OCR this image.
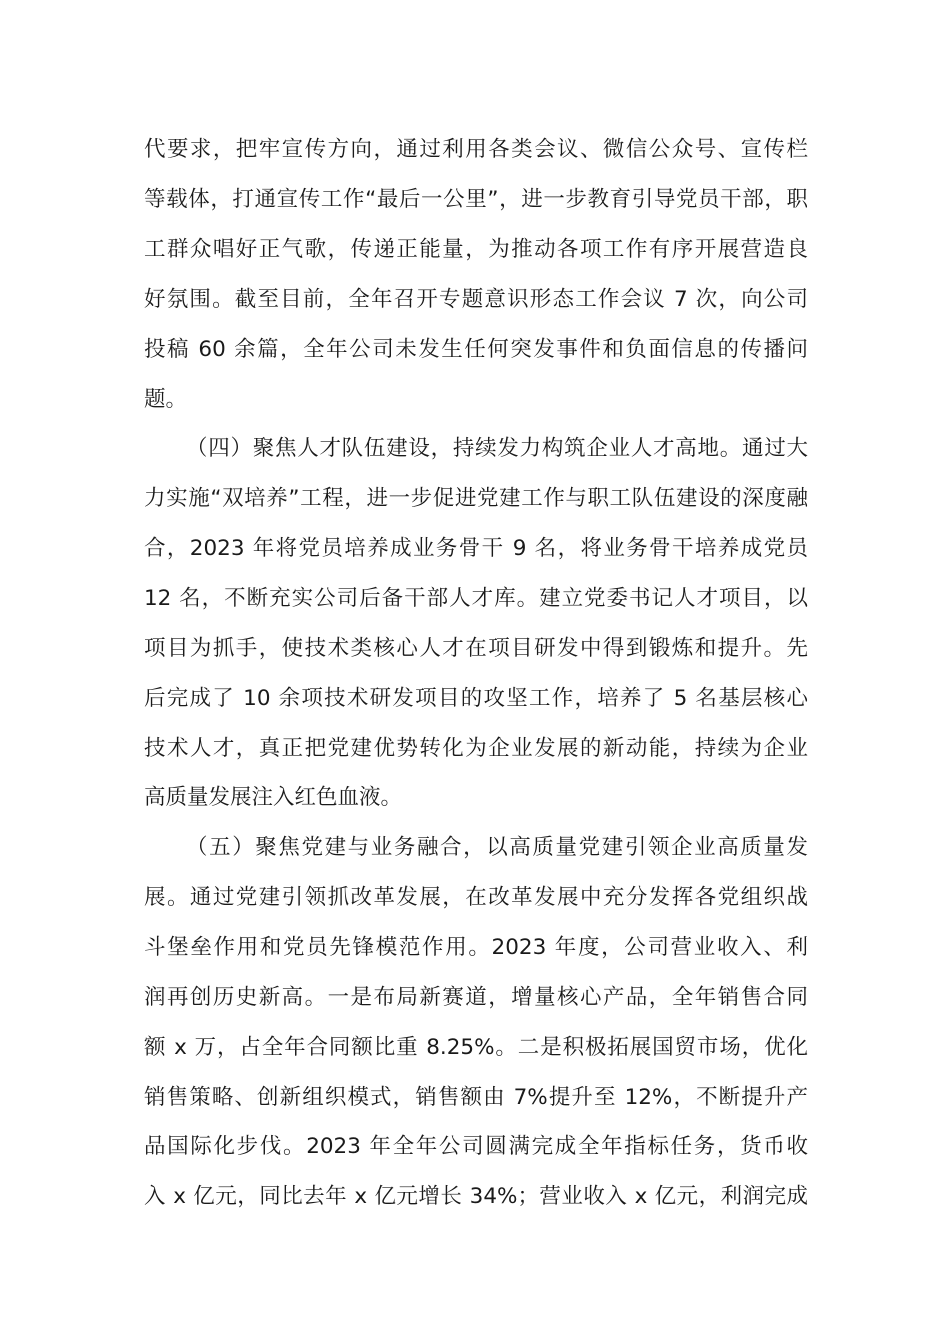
代要求，把牢宣传方向，通过利用各类会议、微信公众号、宣传栏
等载体，打通宣传工作“最后一公里”，进一步教育引导党员干部，职
工群众唱好正气歌，传递正能量，为推动各项工作有序开展营造良
好氛围。截至目前，全年召开专题意识形态工作会议 7 次，向公司
投稿 60 余篇，全年公司未发生任何突发事件和负面信息的传播问
题。
（四）聚焦人才队伍建设，持续发力构筑企业人才高地。通过大
力实施“双培养”工程，进一步促进党建工作与职工队伍建设的深度融
合，2023 年将党员培养成业务骨干 9 名，将业务骨干培养成党员
12 名，不断充实公司后备干部人才库。建立党委书记人才项目，以
项目为抓手，使技术类核心人才在项目研发中得到锻炼和提升。先
后完成了 10 余项技术研发项目的攻坚工作，培养了 5 名基层核心
技术人才，真正把党建优势转化为企业发展的新动能，持续为企业
高质量发展注入红色血液。
（五）聚焦党建与业务融合，以高质量党建引领企业高质量发
展。通过党建引领抓改革发展，在改革发展中充分发挥各党组织战
斗堡垒作用和党员先锋模范作用。2023 年度，公司营业收入、利
润再创历史新高。一是布局新赛道，增量核心产品，全年销售合同
额 x 万，占全年合同额比重 8.25%。二是积极拓展国贸市场，优化
销售策略、创新组织模式，销售额由 7%提升至 12%，不断提升产
品国际化步伐。2023 年全年公司圆满完成全年指标任务，货币收
入 x 亿元，同比去年 x 亿元增长 34%；营业收入 x 亿元，利润完成
